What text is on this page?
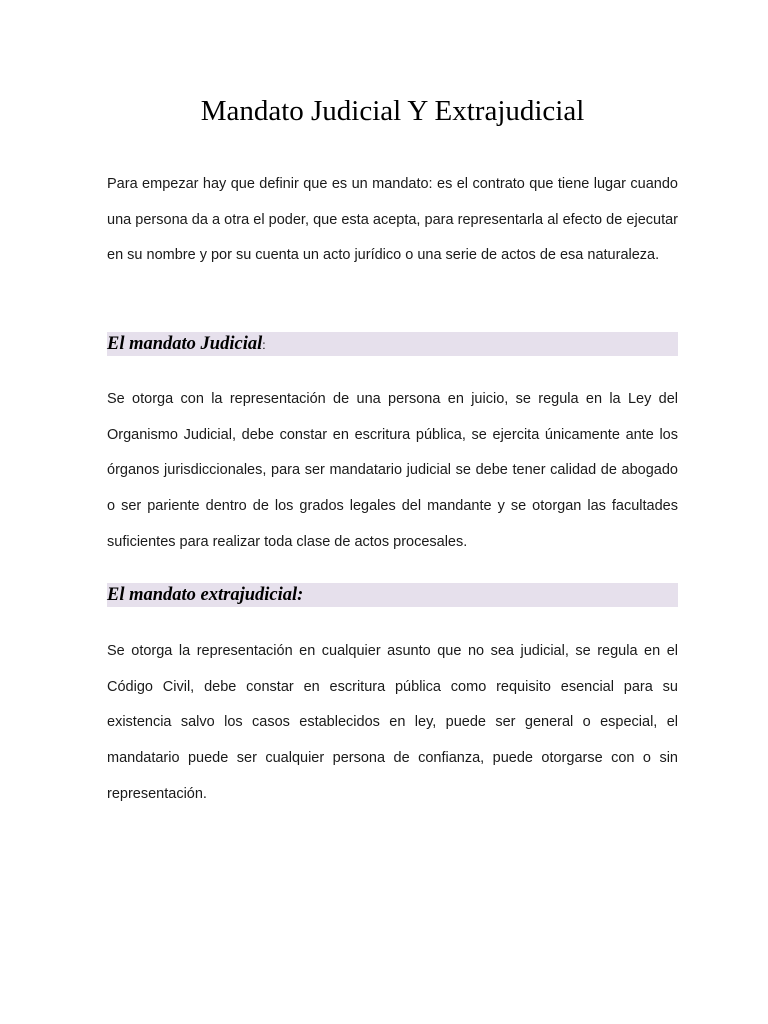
Mandato Judicial Y Extrajudicial

Para empezar hay que definir que es un mandato: es el contrato que tiene lugar cuando una persona da a otra el poder, que esta acepta, para representarla al efecto de ejecutar en su nombre y por su cuenta un acto jurídico o una serie de actos de esa naturaleza.

El mandato Judicial:

Se otorga con la representación de una persona en juicio, se regula en la Ley del Organismo Judicial, debe constar en escritura pública, se ejercita únicamente ante los órganos jurisdiccionales, para ser mandatario judicial se debe tener calidad de abogado o ser pariente dentro de los grados legales del mandante y se otorgan las facultades suficientes para realizar toda clase de actos procesales.

El mandato extrajudicial:

Se otorga la representación en cualquier asunto que no sea judicial, se regula en el Código Civil, debe constar en escritura pública como requisito esencial para su existencia salvo los casos establecidos en ley, puede ser general o especial, el mandatario puede ser cualquier persona de confianza, puede otorgarse con o sin representación.
